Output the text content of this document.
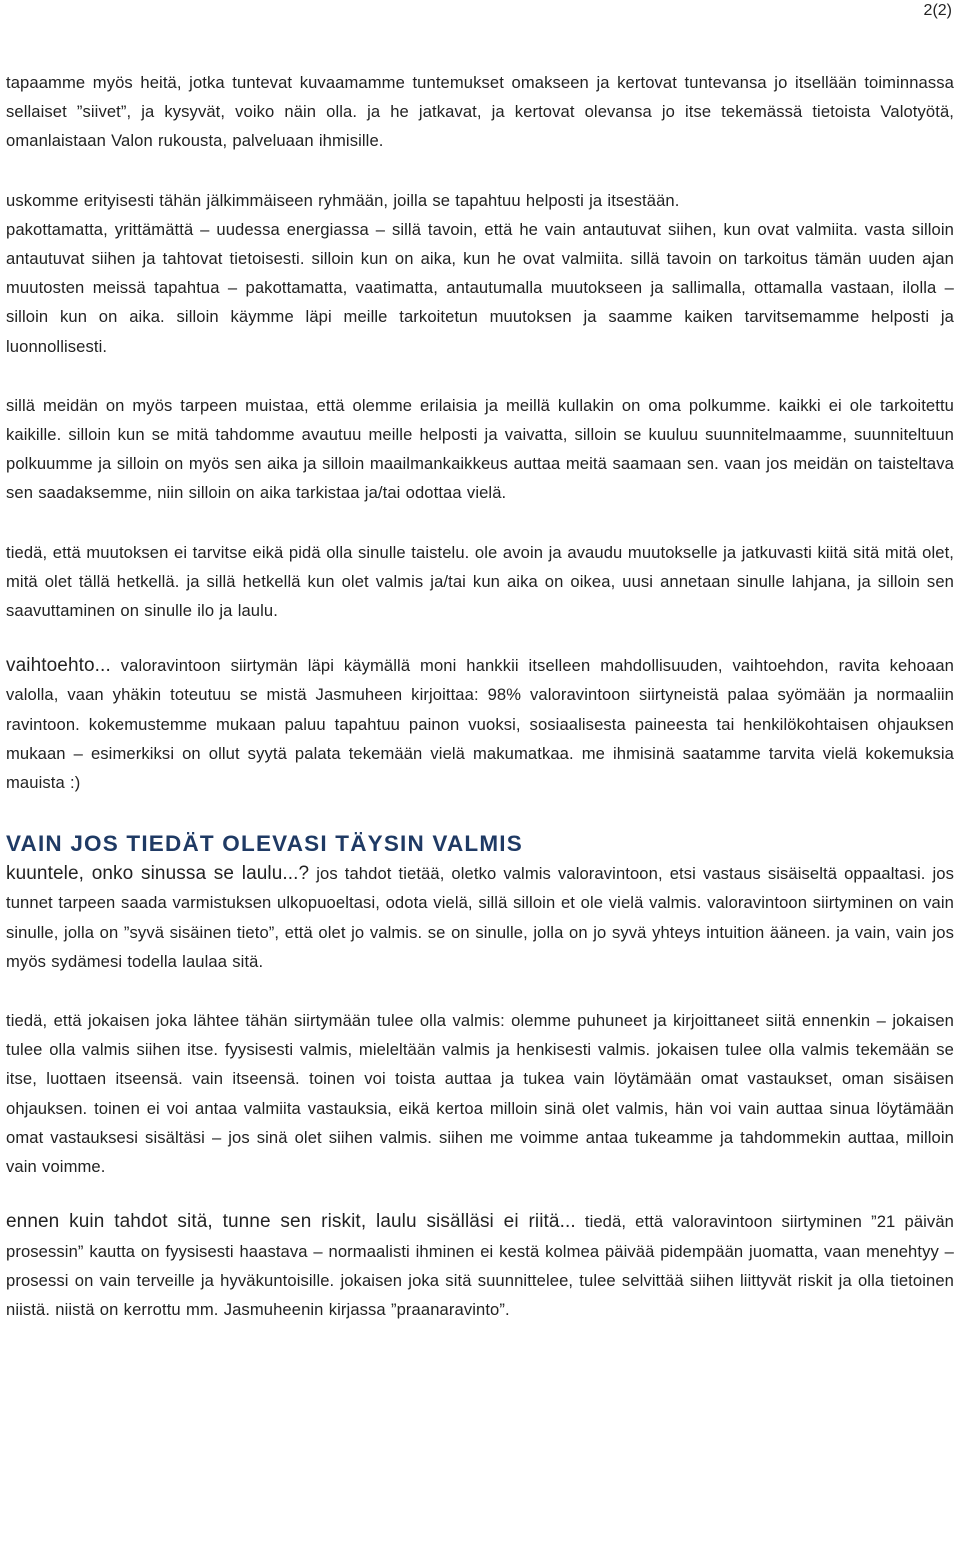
2(2)

tapaamme myös heitä, jotka tuntevat kuvaamamme tuntemukset omakseen ja kertovat tuntevansa jo itsellään toiminnassa sellaiset ”siivet”, ja kysyvät, voiko näin olla. ja he jatkavat, ja kertovat olevansa jo itse tekemässä tietoista Valotyötä, omanlaistaan Valon rukousta, palveluaan ihmisille.

uskomme erityisesti tähän jälkimmäiseen ryhmään, joilla se tapahtuu helposti ja itsestään.

pakottamatta, yrittämättä – uudessa energiassa – sillä tavoin, että he vain antautuvat siihen, kun ovat valmiita. vasta silloin antautuvat siihen ja tahtovat tietoisesti. silloin kun on aika, kun he ovat valmiita. sillä tavoin on tarkoitus tämän uuden ajan muutosten meissä tapahtua – pakottamatta, vaatimatta, antautumalla muutokseen ja sallimalla, ottamalla vastaan, ilolla – silloin kun on aika. silloin käymme läpi meille tarkoitetun muutoksen ja saamme kaiken tarvitsemamme helposti ja luonnollisesti.

sillä meidän on myös tarpeen muistaa, että olemme erilaisia ja meillä kullakin on oma polkumme. kaikki ei ole tarkoitettu kaikille. silloin kun se mitä tahdomme avautuu meille helposti ja vaivatta, silloin se kuuluu suunnitelmaamme, suunniteltuun polkuumme ja silloin on myös sen aika ja silloin maailmankaikkeus auttaa meitä saamaan sen. vaan jos meidän on taisteltava sen saadaksemme, niin silloin on aika tarkistaa ja/tai odottaa vielä.

tiedä, että muutoksen ei tarvitse eikä pidä olla sinulle taistelu. ole avoin ja avaudu muutokselle ja jatkuvasti kiitä sitä mitä olet, mitä olet tällä hetkellä. ja sillä hetkellä kun olet valmis ja/tai kun aika on oikea, uusi annetaan sinulle lahjana, ja silloin sen saavuttaminen on sinulle ilo ja laulu.

vaihtoehto... valoravintoon siirtymän läpi käymällä moni hankkii itselleen mahdollisuuden, vaihtoehdon, ravita kehoaan valolla, vaan yhäkin toteutuu se mistä Jasmuheen kirjoittaa: 98% valoravintoon siirtyneistä palaa syömään ja normaaliin ravintoon. kokemustemme mukaan paluu tapahtuu painon vuoksi, sosiaalisesta paineesta tai henkilökohtaisen ohjauksen mukaan – esimerkiksi on ollut syytä palata tekemään vielä makumatkaa. me ihmisinä saatamme tarvita vielä kokemuksia mauista :)

VAIN JOS TIEDÄT OLEVASI TÄYSIN VALMIS

kuuntele, onko sinussa se laulu...? jos tahdot tietää, oletko valmis valoravintoon, etsi vastaus sisäiseltä oppaaltasi. jos tunnet tarpeen saada varmistuksen ulkopuoeltasi, odota vielä, sillä silloin et ole vielä valmis. valoravintoon siirtyminen on vain sinulle, jolla on ”syvä sisäinen tieto”, että olet jo valmis. se on sinulle, jolla on jo syvä yhteys intuition ääneen. ja vain, vain jos myös sydämesi todella laulaa sitä.

tiedä, että jokaisen joka lähtee tähän siirtymään tulee olla valmis: olemme puhuneet ja kirjoittaneet siitä ennenkin – jokaisen tulee olla valmis siihen itse. fyysisesti valmis, mieleltään valmis ja henkisesti valmis. jokaisen tulee olla valmis tekemään se itse, luottaen itseensä. vain itseensä. toinen voi toista auttaa ja tukea vain löytämään omat vastaukset, oman sisäisen ohjauksen. toinen ei voi antaa valmiita vastauksia, eikä kertoa milloin sinä olet valmis, hän voi vain auttaa sinua löytämään omat vastauksesi sisältäsi – jos sinä olet siihen valmis. siihen me voimme antaa tukeamme ja tahdommekin auttaa, milloin vain voimme.

ennen kuin tahdot sitä, tunne sen riskit, laulu sisälläsi ei riitä... tiedä, että valoravintoon siirtyminen ”21 päivän prosessin” kautta on fyysisesti haastava – normaalisti ihminen ei kestä kolmea päivää pidempään juomatta, vaan menehtyy – prosessi on vain terveille ja hyväkuntoisille. jokaisen joka sitä suunnittelee, tulee selvittää siihen liittyvät riskit ja olla tietoinen niistä. niistä on kerrottu mm. Jasmuheenin kirjassa ”praanaravinto”.
